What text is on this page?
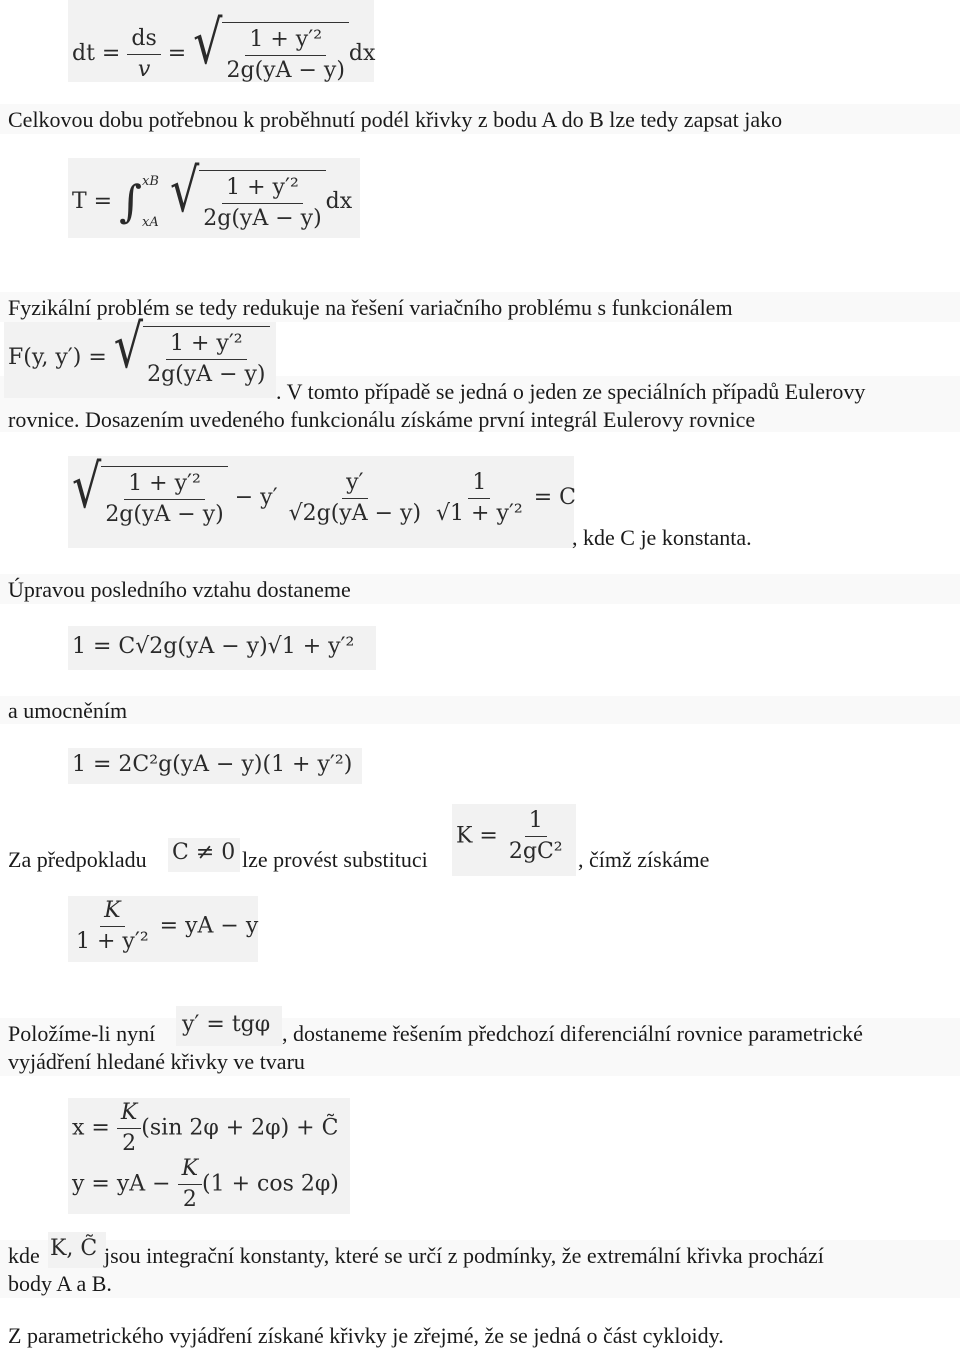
dt = $\frac{ds}{v}$ = √ $\frac{\text{1 + y′²}}{2g(yA - y)}$ dx
Celkovou dobu potřebnou k proběhnutí podél křivky z bodu A do B lze tedy zapsat jako
T = ∫ xB
xA
√ $\frac{\text{1 + y′²}}{2g(yA - y)}$ dx
Fyzikální problém se tedy redukuje na řešení variačního problému s funkcionálem
F(y, y′) = √ $\frac{\text{1 + y′²}}{2g(yA - y)}$
. V tomto případě se jedná o jeden ze speciálních případů Eulerovy
rovnice. Dosazením uvedeného funkcionálu získáme první integrál Eulerovy rovnice
√ $\frac{\text{1 + y′²}}{2g(yA - y)} - y' \frac{y'}{√2g(yA - y)}$
$\frac{1}{\text{√1 + y′²}} = C$
, kde C je konstanta.
Úpravou posledního vztahu dostaneme
1 = C√2g(yA − y)√1 + y′²
a umocněním
1 = 2C²g(yA − y)(1 + y′²)
Za předpokladu C ≠ 0 lze provést substituci
$K = \frac{1}{\text{2gC²}}$ , čímž získáme
$\frac{K}{\text{1 + y′²}}$ = yA − y
Položíme-li nyní y′ = tgφ , dostaneme řešením předchozí diferenciální rovnice parametrické
vyjádření hledané křivky ve tvaru
$x = \frac{K}{2} (\sin$ 2φ + 2φ) + C̃
y = yA − $\frac{K}{2} (1 + \cos 2\varphi)$
kde K, C̃ jsou integrační konstanty, které se určí z podmínky, že extremální křivka prochází
body A a B.
Z parametrického vyjádření získané křivky je zřejmé, že se jedná o část cykloidy.
